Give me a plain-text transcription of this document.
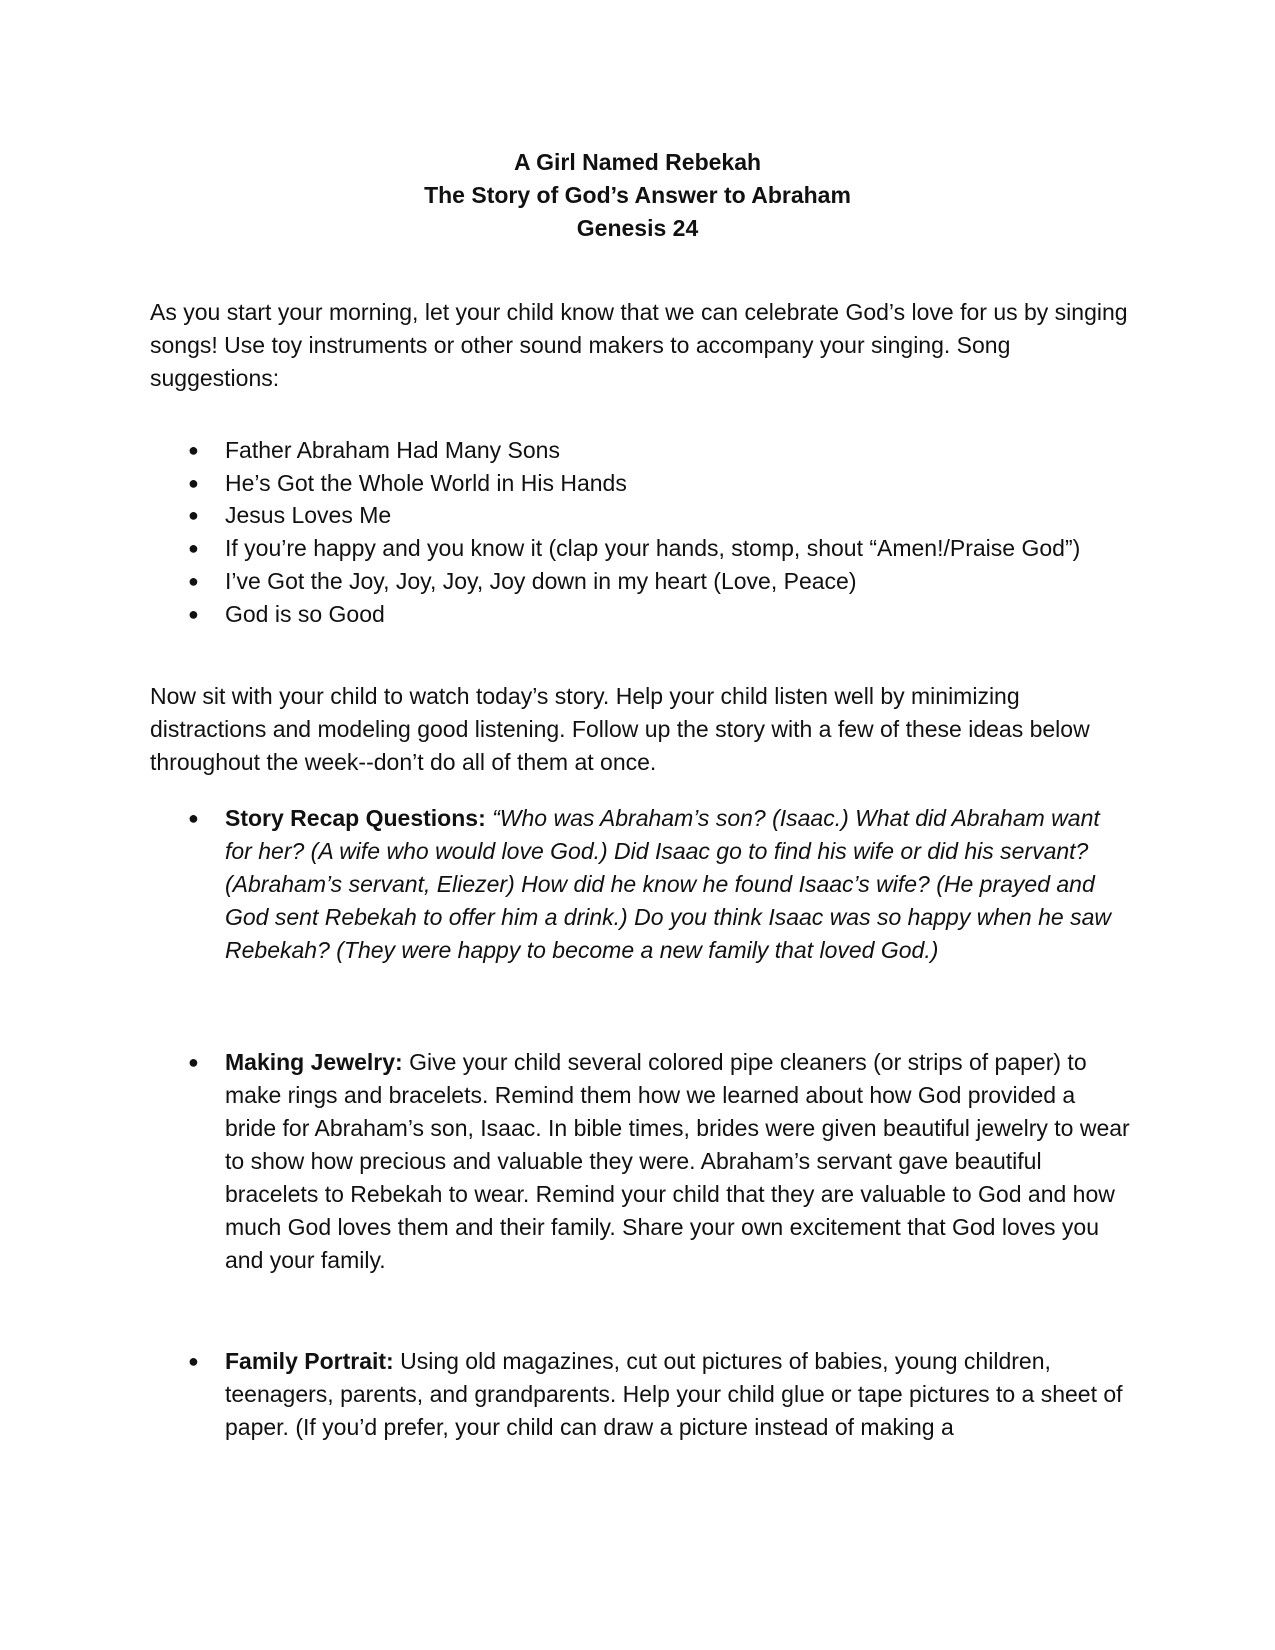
A Girl Named Rebekah
The Story of God’s Answer to Abraham
Genesis 24

As you start your morning, let your child know that we can celebrate God’s love for us by singing songs! Use toy instruments or other sound makers to accompany your singing. Song suggestions:

● Father Abraham Had Many Sons
● He’s Got the Whole World in His Hands
● Jesus Loves Me
● If you’re happy and you know it (clap your hands, stomp, shout “Amen!/Praise God”)
● I’ve Got the Joy, Joy, Joy, Joy down in my heart (Love, Peace)
● God is so Good

Now sit with your child to watch today’s story. Help your child listen well by minimizing distractions and modeling good listening. Follow up the story with a few of these ideas below throughout the week--don’t do all of them at once.

● Story Recap Questions: “Who was Abraham’s son? (Isaac.) What did Abraham want for her? (A wife who would love God.) Did Isaac go to find his wife or did his servant? (Abraham’s servant, Eliezer) How did he know he found Isaac’s wife? (He prayed and God sent Rebekah to offer him a drink.) Do you think Isaac was so happy when he saw Rebekah? (They were happy to become a new family that loved God.)
● Making Jewelry: Give your child several colored pipe cleaners (or strips of paper) to make rings and bracelets. Remind them how we learned about how God provided a bride for Abraham’s son, Isaac. In bible times, brides were given beautiful jewelry to wear to show how precious and valuable they were. Abraham’s servant gave beautiful bracelets to Rebekah to wear. Remind your child that they are valuable to God and how much God loves them and their family. Share your own excitement that God loves you and your family.
● Family Portrait: Using old magazines, cut out pictures of babies, young children, teenagers, parents, and grandparents. Help your child glue or tape pictures to a sheet of paper. (If you’d prefer, your child can draw a picture instead of making a
